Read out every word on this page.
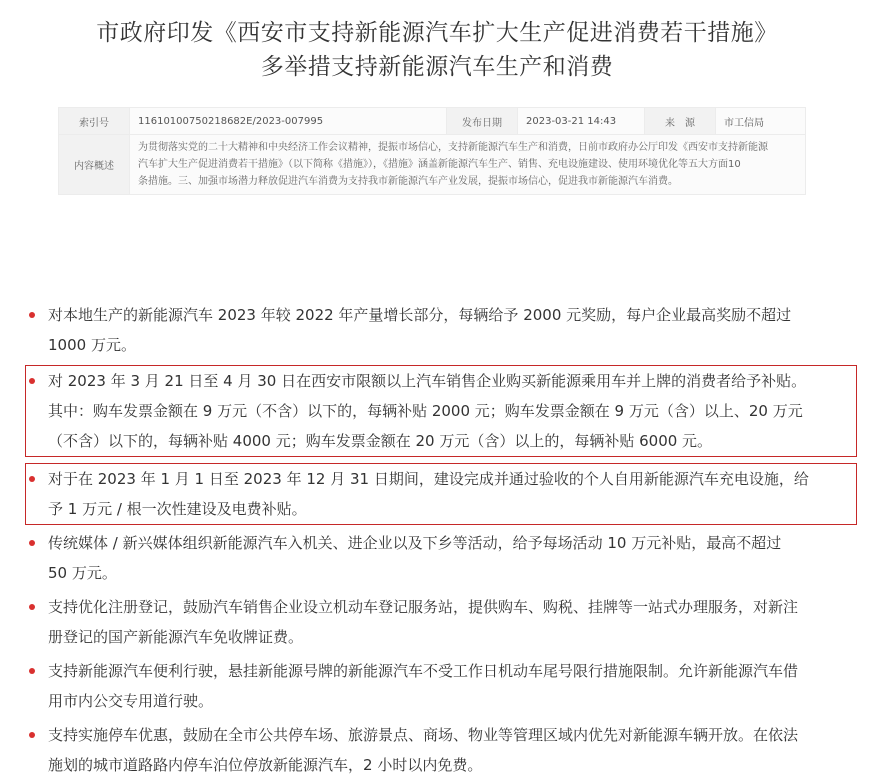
市政府印发《西安市支持新能源汽车扩大生产促进消费若干措施》
多举措支持新能源汽车生产和消费
索引号	11610100750218682E/2023-007995	发布日期	2023-03-21 14:43	来　源	市工信局
内容概述	为贯彻落实党的二十大精神和中央经济工作会议精神，提振市场信心，支持新能源汽车生产和消费，日前市政府办公厅印发《西安市支持新能源
汽车扩大生产促进消费若干措施》（以下简称《措施》），《措施》涵盖新能源汽车生产、销售、充电设施建设、使用环境优化等五大方面10
条措施。三、加强市场潜力释放促进汽车消费为支持我市新能源汽车产业发展，提振市场信心，促进我市新能源汽车消费。				
对本地生产的新能源汽车 2023 年较 2022 年产量增长部分，每辆给予 2000 元奖励，每户企业最高奖励不超过
1000 万元。
对 2023 年 3 月 21 日至 4 月 30 日在西安市限额以上汽车销售企业购买新能源乘用车并上牌的消费者给予补贴。
其中：购车发票金额在 9 万元（不含）以下的，每辆补贴 2000 元；购车发票金额在 9 万元（含）以上、20 万元
（不含）以下的，每辆补贴 4000 元；购车发票金额在 20 万元（含）以上的，每辆补贴 6000 元。
对于在 2023 年 1 月 1 日至 2023 年 12 月 31 日期间，建设完成并通过验收的个人自用新能源汽车充电设施，给
予 1 万元 / 根一次性建设及电费补贴。
传统媒体 / 新兴媒体组织新能源汽车入机关、进企业以及下乡等活动，给予每场活动 10 万元补贴，最高不超过
50 万元。
支持优化注册登记，鼓励汽车销售企业设立机动车登记服务站，提供购车、购税、挂牌等一站式办理服务，对新注
册登记的国产新能源汽车免收牌证费。
支持新能源汽车便利行驶，悬挂新能源号牌的新能源汽车不受工作日机动车尾号限行措施限制。允许新能源汽车借
用市内公交专用道行驶。
支持实施停车优惠，鼓励在全市公共停车场、旅游景点、商场、物业等管理区域内优先对新能源车辆开放。在依法
施划的城市道路路内停车泊位停放新能源汽车，2 小时以内免费。
